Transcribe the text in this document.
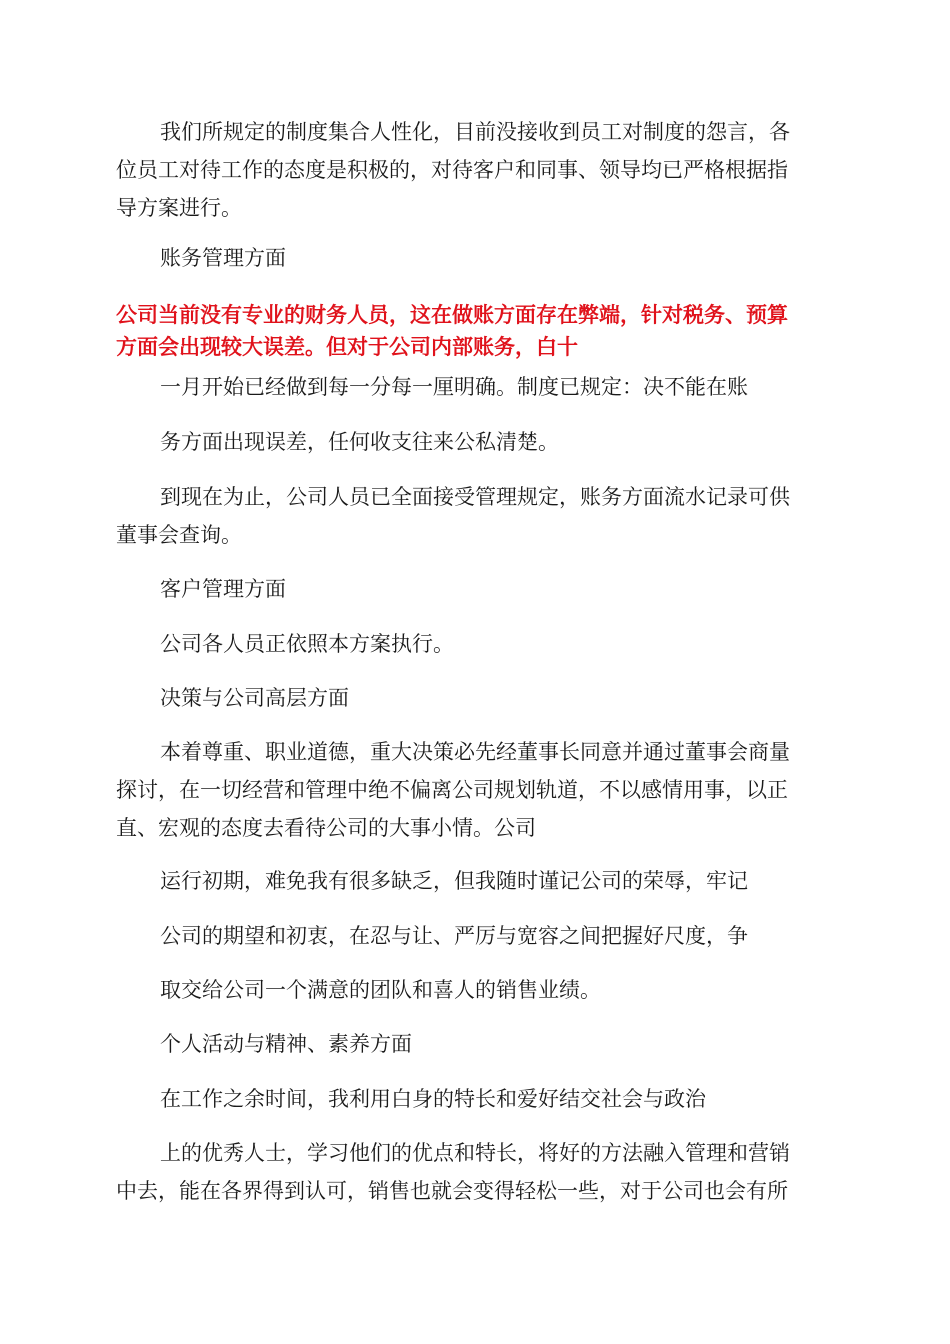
我们所规定的制度集合人性化，目前没接收到员工对制度的怨言，各
位员工对待工作的态度是积极的，对待客户和同事、领导均已严格根据指
导方案进行。
账务管理方面
公司当前没有专业的财务人员，这在做账方面存在弊端，针对税务、预算
方面会出现较大误差。但对于公司内部账务，白十
一月开始已经做到每一分每一厘明确。制度已规定：决不能在账
务方面出现误差，任何收支往来公私清楚。
到现在为止，公司人员已全面接受管理规定，账务方面流水记录可供
董事会查询。
客户管理方面
公司各人员正依照本方案执行。
决策与公司高层方面
本着尊重、职业道德，重大决策必先经董事长同意并通过董事会商量
探讨，在一切经营和管理中绝不偏离公司规划轨道，不以感情用事，以正
直、宏观的态度去看待公司的大事小情。公司
运行初期，难免我有很多缺乏，但我随时谨记公司的荣辱，牢记
公司的期望和初衷，在忍与让、严厉与宽容之间把握好尺度，争
取交给公司一个满意的团队和喜人的销售业绩。
个人活动与精神、素养方面
在工作之余时间，我利用白身的特长和爱好结交社会与政治
上的优秀人士，学习他们的优点和特长，将好的方法融入管理和营销
中去，能在各界得到认可，销售也就会变得轻松一些，对于公司也会有所
